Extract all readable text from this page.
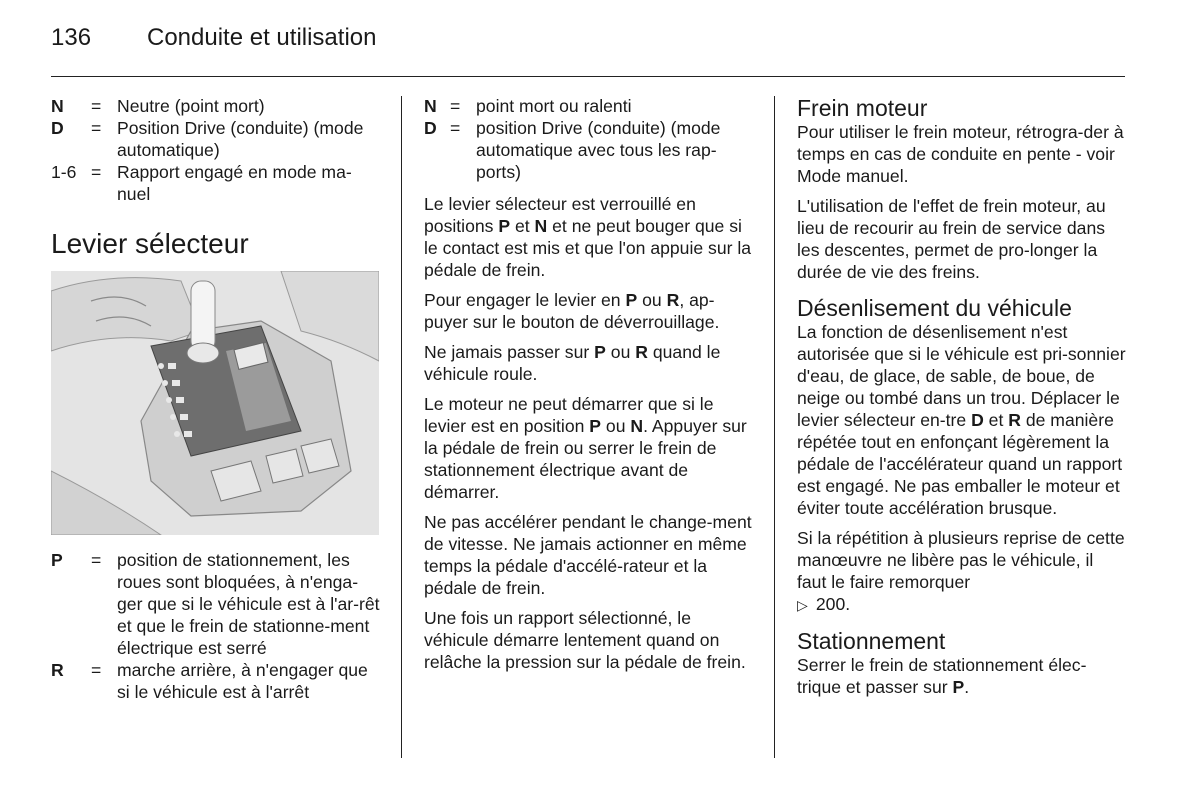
136 Conduite et utilisation
N	= Neutre (point mort)
D	= Position Drive (conduite) (mode automatique)
1-6 = Rapport engagé en mode ma-nuel
Levier sélecteur
P	= position de stationnement, les roues sont bloquées, à n'enga-ger que si le véhicule est à l'ar-rêt et que le frein de stationne-ment électrique est serré
R	= marche arrière, à n'engager que si le véhicule est à l'arrêt
N = point mort ou ralenti
D = position Drive (conduite) (mode automatique avec tous les rap-ports)

Le levier sélecteur est verrouillé en positions P et N et ne peut bouger que si le contact est mis et que l'on appuie sur la pédale de frein.

Pour engager le levier en P ou R, ap-puyer sur le bouton de déverrouillage.

Ne jamais passer sur P ou R quand le véhicule roule.

Le moteur ne peut démarrer que si le levier est en position P ou N. Appuyer sur la pédale de frein ou serrer le frein de stationnement électrique avant de démarrer.

Ne pas accélérer pendant le change-ment de vitesse. Ne jamais actionner en même temps la pédale d'accélé-rateur et la pédale de frein.

Une fois un rapport sélectionné, le véhicule démarre lentement quand on relâche la pression sur la pédale de frein.

Frein moteur

Pour utiliser le frein moteur, rétrogra-der à temps en cas de conduite en pente - voir Mode manuel.

L'utilisation de l'effet de frein moteur, au lieu de recourir au frein de service dans les descentes, permet de pro-longer la durée de vie des freins.

Désenlisement du véhicule

La fonction de désenlisement n'est autorisée que si le véhicule est pri-sonnier d'eau, de glace, de sable, de boue, de neige ou tombé dans un trou. Déplacer le levier sélecteur en-tre D et R de manière répétée tout en enfonçant légèrement la pédale de l'accélérateur quand un rapport est engagé. Ne pas emballer le moteur et éviter toute accélération brusque.

Si la répétition à plusieurs reprise de cette manœuvre ne libère pas le véhicule, il faut le faire remorquer
▷ 200.

Stationnement

Serrer le frein de stationnement élec-trique et passer sur P.
